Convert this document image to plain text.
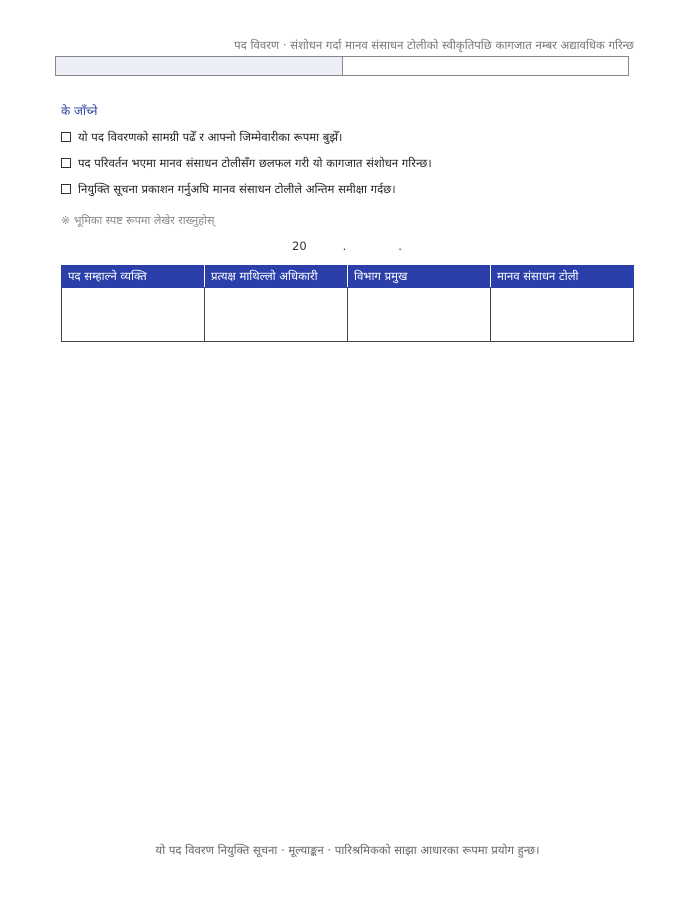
पद विवरण · संशोधन गर्दा मानव संसाधन टोलीको स्वीकृतिपछि कागजात नम्बर अद्यावधिक गरिन्छ
के जाँच्ने
यो पद विवरणको सामग्री पढेँ र आफ्नो जिम्मेवारीका रूपमा बुझेँ।
पद परिवर्तन भएमा मानव संसाधन टोलीसँग छलफल गरी यो कागजात संशोधन गरिन्छ।
नियुक्ति सूचना प्रकाशन गर्नुअघि मानव संसाधन टोलीले अन्तिम समीक्षा गर्दछ।
※ भूमिका स्पष्ट रूपमा लेखेर राख्नुहोस्
20	.	.
पद सम्हाल्ने व्यक्ति	प्रत्यक्ष माथिल्लो अधिकारी	विभाग प्रमुख	मानव संसाधन टोली

यो पद विवरण नियुक्ति सूचना · मूल्याङ्कन · पारिश्रमिकको साझा आधारका रूपमा प्रयोग हुन्छ।
